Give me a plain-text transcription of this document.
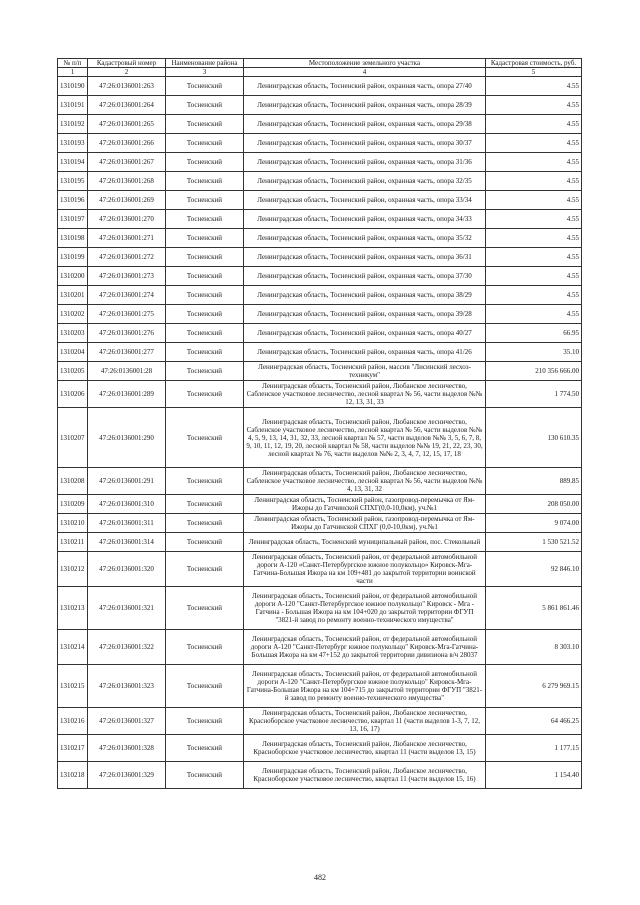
№ п/п	Кадастровый номер	Наименование района	Местоположение земельного участка	Кадастровая стоимость, руб.
1	2	3	4	5
1310190	47:26:0136001:263	Тосненский	Ленинградская область, Тосненский район, охранная часть, опора 27/40	4.55
1310191	47:26:0136001:264	Тосненский	Ленинградская область, Тосненский район, охранная часть, опора 28/39	4.55
1310192	47:26:0136001:265	Тосненский	Ленинградская область, Тосненский район, охранная часть, опора 29/38	4.55
1310193	47:26:0136001:266	Тосненский	Ленинградская область, Тосненский район, охранная часть, опора 30/37	4.55
1310194	47:26:0136001:267	Тосненский	Ленинградская область, Тосненский район, охранная часть, опора 31/36	4.55
1310195	47:26:0136001:268	Тосненский	Ленинградская область, Тосненский район, охранная часть, опора 32/35	4.55
1310196	47:26:0136001:269	Тосненский	Ленинградская область, Тосненский район, охранная часть, опора 33/34	4.55
1310197	47:26:0136001:270	Тосненский	Ленинградская область, Тосненский район, охранная часть, опора 34/33	4.55
1310198	47:26:0136001:271	Тосненский	Ленинградская область, Тосненский район, охранная часть, опора 35/32	4.55
1310199	47:26:0136001:272	Тосненский	Ленинградская область, Тосненский район, охранная часть, опора 36/31	4.55
1310200	47:26:0136001:273	Тосненский	Ленинградская область, Тосненский район, охранная часть, опора 37/30	4.55
1310201	47:26:0136001:274	Тосненский	Ленинградская область, Тосненский район, охранная часть, опора 38/29	4.55
1310202	47:26:0136001:275	Тосненский	Ленинградская область, Тосненский район, охранная часть, опора 39/28	4.55
1310203	47:26:0136001:276	Тосненский	Ленинградская область, Тосненский район, охранная часть, опора 40/27	66.95
1310204	47:26:0136001:277	Тосненский	Ленинградская область, Тосненский район, охранная часть, опора 41/26	35.10
1310205	47:26:0136001:28	Тосненский	Ленинградская область, Тосненский район, массив "Лисинский лесхоз-техникум"	210 356 666.00
1310206	47:26:0136001:289	Тосненский	Ленинградская область, Тосненский район, Любанское лесничество, Сабленское участковое лесничество, лесной квартал № 56, части выделов №№ 12, 13, 31, 33	1 774.50
1310207	47:26:0136001:290	Тосненский	Ленинградская область, Тосненский район, Любанское лесничество, Сабленское участковое лесничество, лесной квартал № 56, части выделов №№ 4, 5, 9, 13, 14, 31, 32, 33, лесной квартал № 57, части выделов №№ 3, 5, 6, 7, 8, 9, 10, 11, 12, 19, 20, лесной квартал № 58, части выделов №№ 19, 21, 22, 23, 30, лесной квартал № 76, части выделов №№ 2, 3, 4, 7, 12, 15, 17, 18	130 610.35
1310208	47:26:0136001:291	Тосненский	Ленинградская область, Тосненский район, Любанское лесничество, Сабленское участковое лесничество, лесной квартал № 56, части выделов №№ 4, 13, 31, 32	889.85
1310209	47:26:0136001:310	Тосненский	Ленинградская область, Тосненский район, газопровод-перемычка от Ям-Ижоры до Гатчинской СПХГ(0,0-10,0км), уч.№1	208 050.00
1310210	47:26:0136001:311	Тосненский	Ленинградская область, Тосненский район, газопровод-перемычка от Ям-Ижоры до Гатчинской СПХГ (0,0-10,0км), уч.№1	9 074.00
1310211	47:26:0136001:314	Тосненский	Ленинградская область, Тосненский муниципальный район, пос. Стекольный	1 530 521.52
1310212	47:26:0136001:320	Тосненский	Ленинградская область, Тосненский район, от федеральной автомобильной дороги А-120 «Санкт-Петербургское южное полукольцо» Кировск-Мга-Гатчина-Большая Ижора на км 109+481 до закрытой территории воинской части	92 846.10
1310213	47:26:0136001:321	Тосненский	Ленинградская область, Тосненский район, от федеральной автомобильной дороги А-120 "Санкт-Петербургское южное полукольцо" Кировск - Мга - Гатчина - Большая Ижора на км 104+020 до закрытой территории ФГУП "3821-й завод по ремонту военно-технического имущества"	5 861 861.46
1310214	47:26:0136001:322	Тосненский	Ленинградская область, Тосненский район, от федеральной автомобильной дороги А-120 "Санкт-Петербург южное полукольцо" Кировск-Мга-Гатчина-Большая Ижора на км 47+152 до закрытой территории дивизиона в/ч 28037	8 303.10
1310215	47:26:0136001:323	Тосненский	Ленинградская область, Тосненский район, от федеральной автомобильной дороги А-120 "Санкт-Петербургское южное полукольцо" Кировск-Мга-Гатчина-Большая Ижора на км 104+715 до закрытой территории ФГУП "3821-й завод по ремонту военно-технического имущества"	6 279 969.15
1310216	47:26:0136001:327	Тосненский	Ленинградская область, Тосненский район, Любанское лесничество, Красноборское участковое лесничество, квартал 11 (части выделов 1-3, 7, 12, 13, 16, 17)	64 466.25
1310217	47:26:0136001:328	Тосненский	Ленинградская область, Тосненский район, Любанское лесничество, Красноборское участковое лесничество, квартал 11 (части выделов 13, 15)	1 177.15
1310218	47:26:0136001:329	Тосненский	Ленинградская область, Тосненский район, Любанское лесничество, Красноборское участковое лесничество, квартал 11 (части выделов 15, 16)	1 154.40
482
